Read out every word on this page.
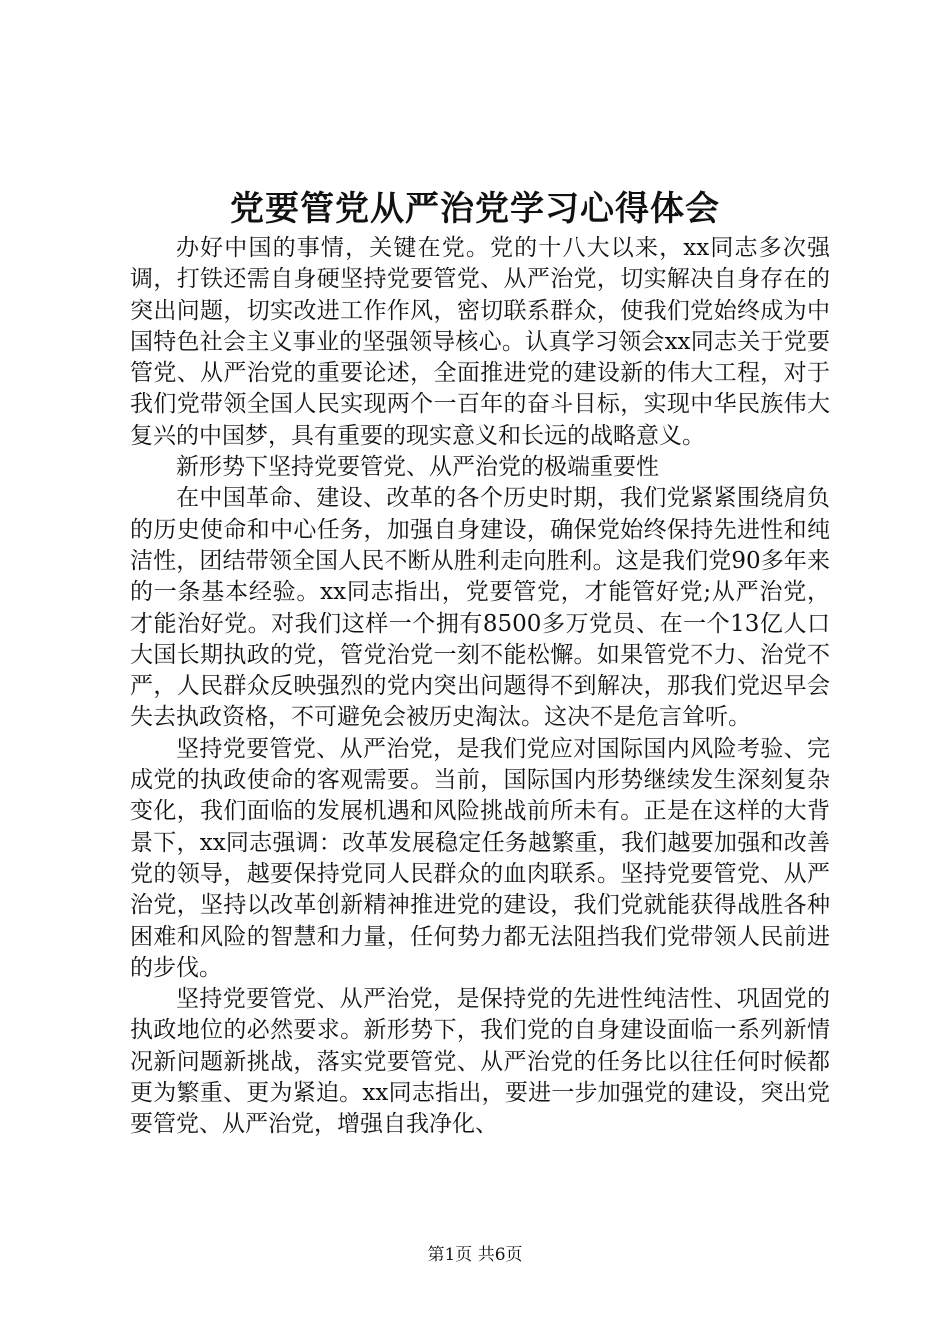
党要管党从严治党学习心得体会

办好中国的事情，关键在党。党的十八大以来，xx同志多次强调，打铁还需自身硬坚持党要管党、从严治党，切实解决自身存在的突出问题，切实改进工作作风，密切联系群众，使我们党始终成为中国特色社会主义事业的坚强领导核心。认真学习领会xx同志关于党要管党、从严治党的重要论述，全面推进党的建设新的伟大工程，对于我们党带领全国人民实现两个一百年的奋斗目标，实现中华民族伟大复兴的中国梦，具有重要的现实意义和长远的战略意义。

新形势下坚持党要管党、从严治党的极端重要性

在中国革命、建设、改革的各个历史时期，我们党紧紧围绕肩负的历史使命和中心任务，加强自身建设，确保党始终保持先进性和纯洁性，团结带领全国人民不断从胜利走向胜利。这是我们党90多年来的一条基本经验。xx同志指出，党要管党，才能管好党;从严治党，才能治好党。对我们这样一个拥有8500多万党员、在一个13亿人口大国长期执政的党，管党治党一刻不能松懈。如果管党不力、治党不严，人民群众反映强烈的党内突出问题得不到解决，那我们党迟早会失去执政资格，不可避免会被历史淘汰。这决不是危言耸听。

坚持党要管党、从严治党，是我们党应对国际国内风险考验、完成党的执政使命的客观需要。当前，国际国内形势继续发生深刻复杂变化，我们面临的发展机遇和风险挑战前所未有。正是在这样的大背景下，xx同志强调：改革发展稳定任务越繁重，我们越要加强和改善党的领导，越要保持党同人民群众的血肉联系。坚持党要管党、从严治党，坚持以改革创新精神推进党的建设，我们党就能获得战胜各种困难和风险的智慧和力量，任何势力都无法阻挡我们党带领人民前进的步伐。

坚持党要管党、从严治党，是保持党的先进性纯洁性、巩固党的执政地位的必然要求。新形势下，我们党的自身建设面临一系列新情况新问题新挑战，落实党要管党、从严治党的任务比以往任何时候都更为繁重、更为紧迫。xx同志指出，要进一步加强党的建设，突出党要管党、从严治党，增强自我净化、

第1页 共6页
